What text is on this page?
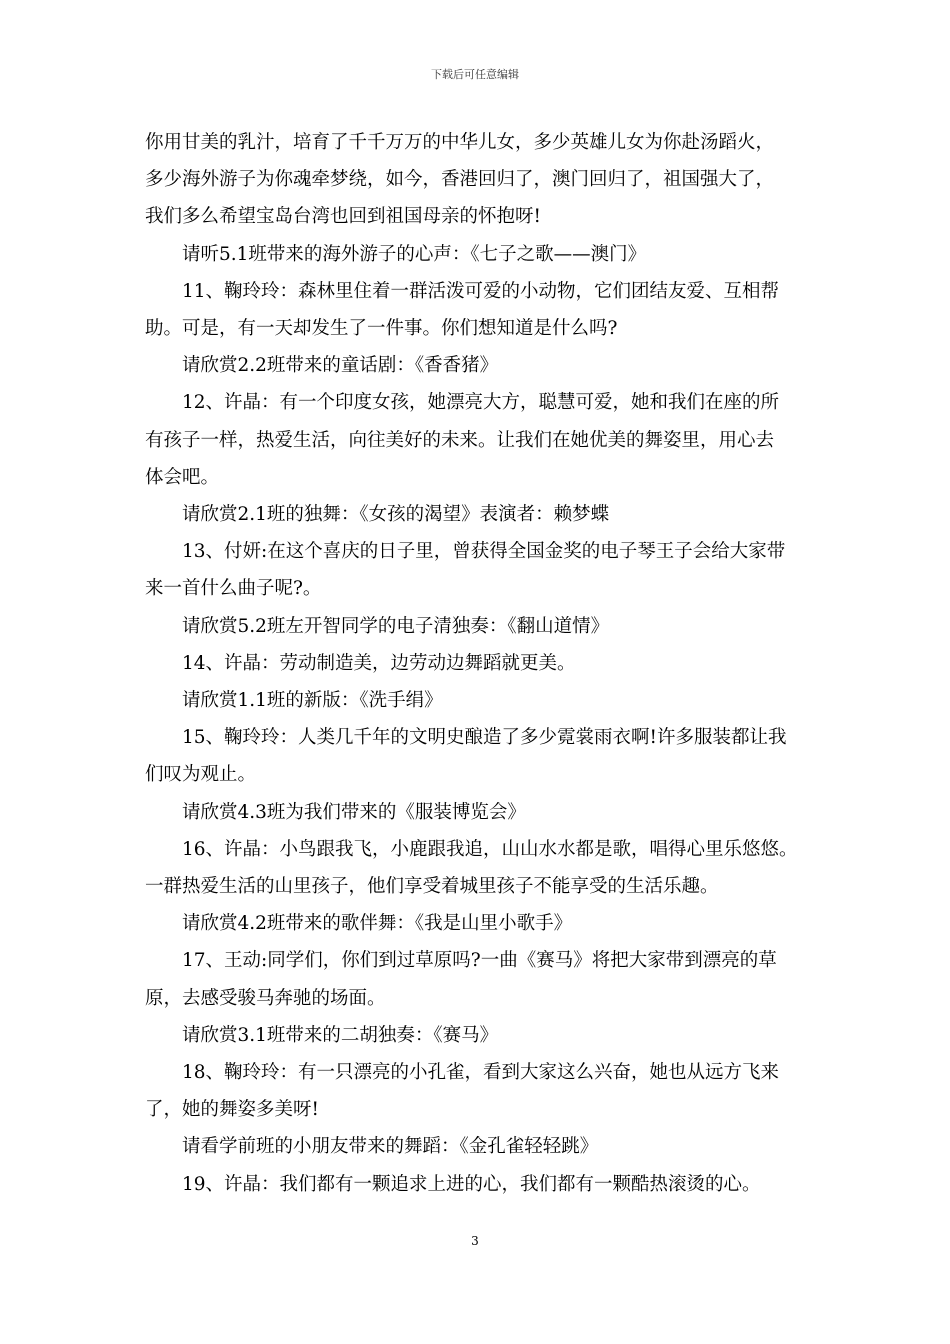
下载后可任意编辑

你用甘美的乳汁，培育了千千万万的中华儿女，多少英雄儿女为你赴汤蹈火，

多少海外游子为你魂牵梦绕，如今，香港回归了，澳门回归了，祖国强大了，

我们多么希望宝岛台湾也回到祖国母亲的怀抱呀!

请听5.1班带来的海外游子的心声：《七子之歌——澳门》

11、鞠玲玲：森林里住着一群活泼可爱的小动物，它们团结友爱、互相帮

助。可是，有一天却发生了一件事。你们想知道是什么吗?

请欣赏2.2班带来的童话剧：《香香猪》

12、许晶：有一个印度女孩，她漂亮大方，聪慧可爱，她和我们在座的所

有孩子一样，热爱生活，向往美好的未来。让我们在她优美的舞姿里，用心去

体会吧。

请欣赏2.1班的独舞：《女孩的渴望》表演者：赖梦蝶

13、付妍:在这个喜庆的日子里，曾获得全国金奖的电子琴王子会给大家带

来一首什么曲子呢?。

请欣赏5.2班左开智同学的电子清独奏：《翻山道情》

14、许晶：劳动制造美，边劳动边舞蹈就更美。

请欣赏1.1班的新版：《洗手绢》

15、鞠玲玲：人类几千年的文明史酿造了多少霓裳雨衣啊!许多服装都让我

们叹为观止。

请欣赏4.3班为我们带来的《服装博览会》

16、许晶：小鸟跟我飞，小鹿跟我追，山山水水都是歌，唱得心里乐悠悠。

一群热爱生活的山里孩子，他们享受着城里孩子不能享受的生活乐趣。

请欣赏4.2班带来的歌伴舞：《我是山里小歌手》

17、王动:同学们，你们到过草原吗?一曲《赛马》将把大家带到漂亮的草

原，去感受骏马奔驰的场面。

请欣赏3.1班带来的二胡独奏：《赛马》

18、鞠玲玲：有一只漂亮的小孔雀，看到大家这么兴奋，她也从远方飞来

了，她的舞姿多美呀!

请看学前班的小朋友带来的舞蹈：《金孔雀轻轻跳》

19、许晶：我们都有一颗追求上进的心，我们都有一颗酷热滚烫的心。

3
